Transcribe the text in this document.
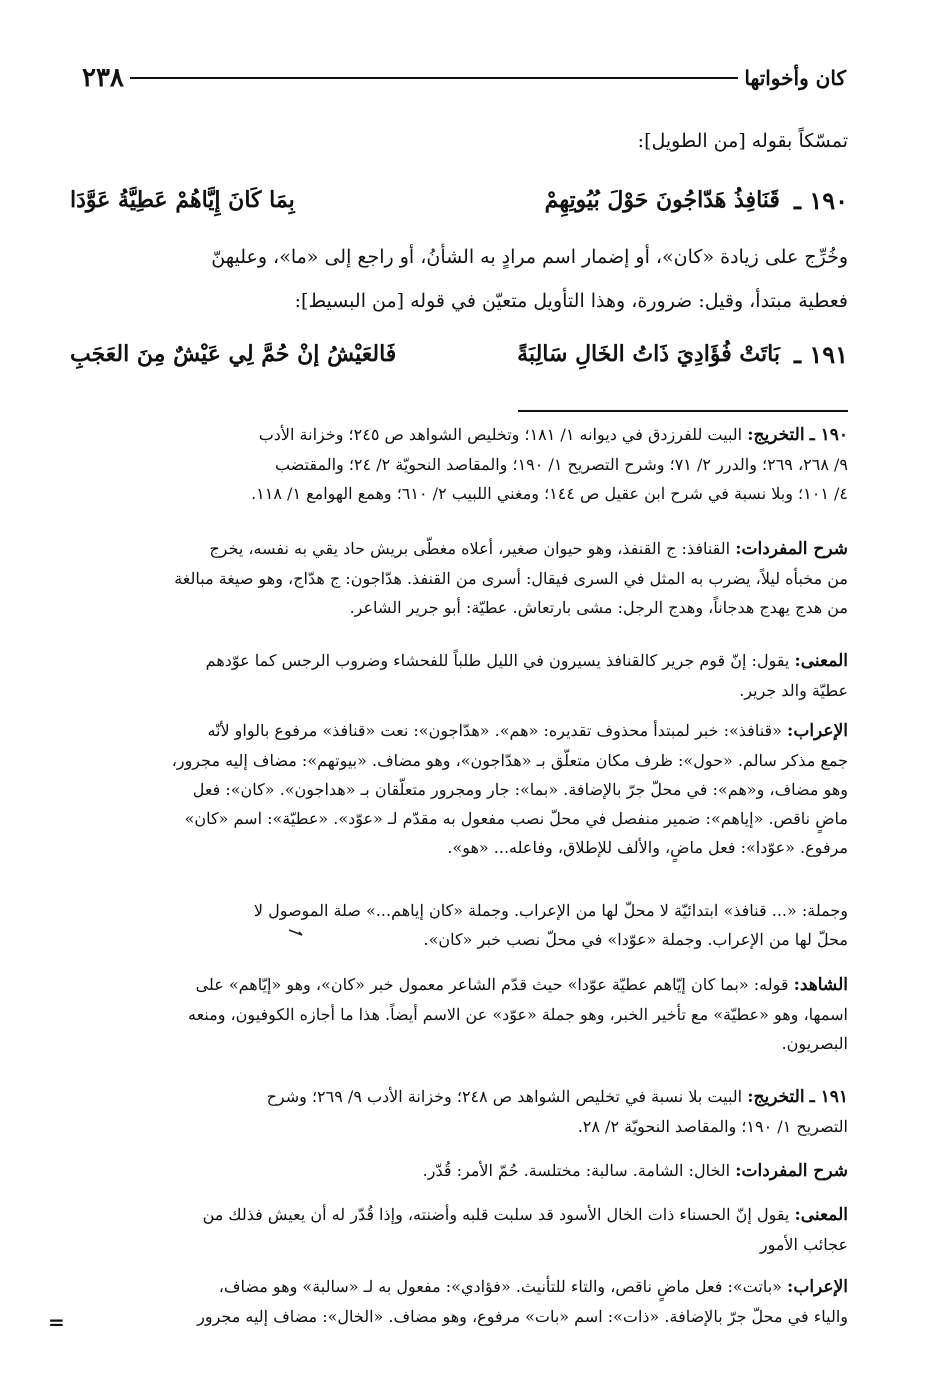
كان وأخواتها
٢٣٨
تمسّكاً بقوله [من الطويل]:
١٩٠ ـ
قَنَافِذُ هَدّاجُونَ حَوْلَ بُيُوتِهِمْ
بِمَا كَانَ إِيَّاهُمْ عَطِيَّةُ عَوَّدَا
وخُرِّج على زيادة «كان»، أو إضمار اسم مرادٍ به الشأنُ، أو راجع إلى «ما»، وعليهنّ
فعطية مبتدأ، وقيل: ضرورة، وهذا التأويل متعيّن في قوله [من البسيط]:
١٩١ ـ
بَاتَتْ فُؤَادِيَ ذَاتُ الخَالِ سَالِبَةً
فَالعَيْشُ إنْ حُمَّ لِي عَيْشٌ مِنَ العَجَبِ
١٩٠ ـ التخريج: البيت للفرزدق في ديوانه ١/ ١٨١؛ وتخليص الشواهد ص ٢٤٥؛ وخزانة الأدب
٩/ ٢٦٨، ٢٦٩؛ والدرر ٢/ ٧١؛ وشرح التصريح ١/ ١٩٠؛ والمقاصد النحويّة ٢/ ٢٤؛ والمقتضب
٤/ ١٠١؛ وبلا نسبة في شرح ابن عقيل ص ١٤٤؛ ومغني اللبيب ٢/ ٦١٠؛ وهمع الهوامع ١/ ١١٨.
شرح المفردات: القنافذ: ج القنفذ، وهو حيوان صغير، أعلاه مغطّى بريش حاد يقي به نفسه، يخرج
من مخبأه ليلاً، يضرب به المثل في السرى فيقال: أسرى من القنفذ. هدّاجون: ج هدّاج، وهو صيغة مبالغة
من هدج يهدج هدجاناً، وهدج الرجل: مشى بارتعاش. عطيّة: أبو جرير الشاعر.
المعنى: يقول: إنّ قوم جرير كالقنافذ يسيرون في الليل طلباً للفحشاء وضروب الرجس كما عوّدهم
عطيّة والد جرير.
الإعراب: «قنافذ»: خبر لمبتدأ محذوف تقديره: «هم». «هدّاجون»: نعت «قنافذ» مرفوع بالواو لأنّه
جمع مذكر سالم. «حول»: ظرف مكان متعلّق بـ «هدّاجون»، وهو مضاف. «بيوتهم»: مضاف إليه مجرور،
وهو مضاف، و«هم»: في محلّ جرّ بالإضافة. «بما»: جار ومجرور متعلّقان بـ «هداجون». «كان»: فعل
ماضٍ ناقص. «إياهم»: ضمير منفصل في محلّ نصب مفعول به مقدّم لـ «عوّد». «عطيّة»: اسم «كان»
مرفوع. «عوّدا»: فعل ماضٍ، والألف للإطلاق، وفاعله... «هو».
وجملة: «... قنافذ» ابتدائيّة لا محلّ لها من الإعراب. وجملة «كان إياهم...» صلة الموصول لا
محلّ لها من الإعراب. وجملة «عوّدا» في محلّ نصب خبر «كان».
الشاهد: قوله: «بما كان إيّاهم عطيّة عوّدا» حيث قدّم الشاعر معمول خبر «كان»، وهو «إيّاهم» على
اسمها، وهو «عطيّة» مع تأخير الخبر، وهو جملة «عوّد» عن الاسم أيضاً. هذا ما أجازه الكوفيون، ومنعه
البصريون.
١٩١ ـ التخريج: البيت بلا نسبة في تخليص الشواهد ص ٢٤٨؛ وخزانة الأدب ٩/ ٢٦٩؛ وشرح
التصريح ١/ ١٩٠؛ والمقاصد النحويّة ٢/ ٢٨.
شرح المفردات: الخال: الشامة. سالبة: مختلسة. حُمّ الأمر: قُدّر.
المعنى: يقول إنّ الحسناء ذات الخال الأسود قد سلبت قلبه وأضنته، وإذا قُدّر له أن يعيش فذلك من
عجائب الأمور
الإعراب: «باتت»: فعل ماضٍ ناقص، والتاء للتأنيث. «فؤادي»: مفعول به لـ «سالبة» وهو مضاف،
والياء في محلّ جرّ بالإضافة. «ذات»: اسم «بات» مرفوع، وهو مضاف. «الخال»: مضاف إليه مجرور
=
